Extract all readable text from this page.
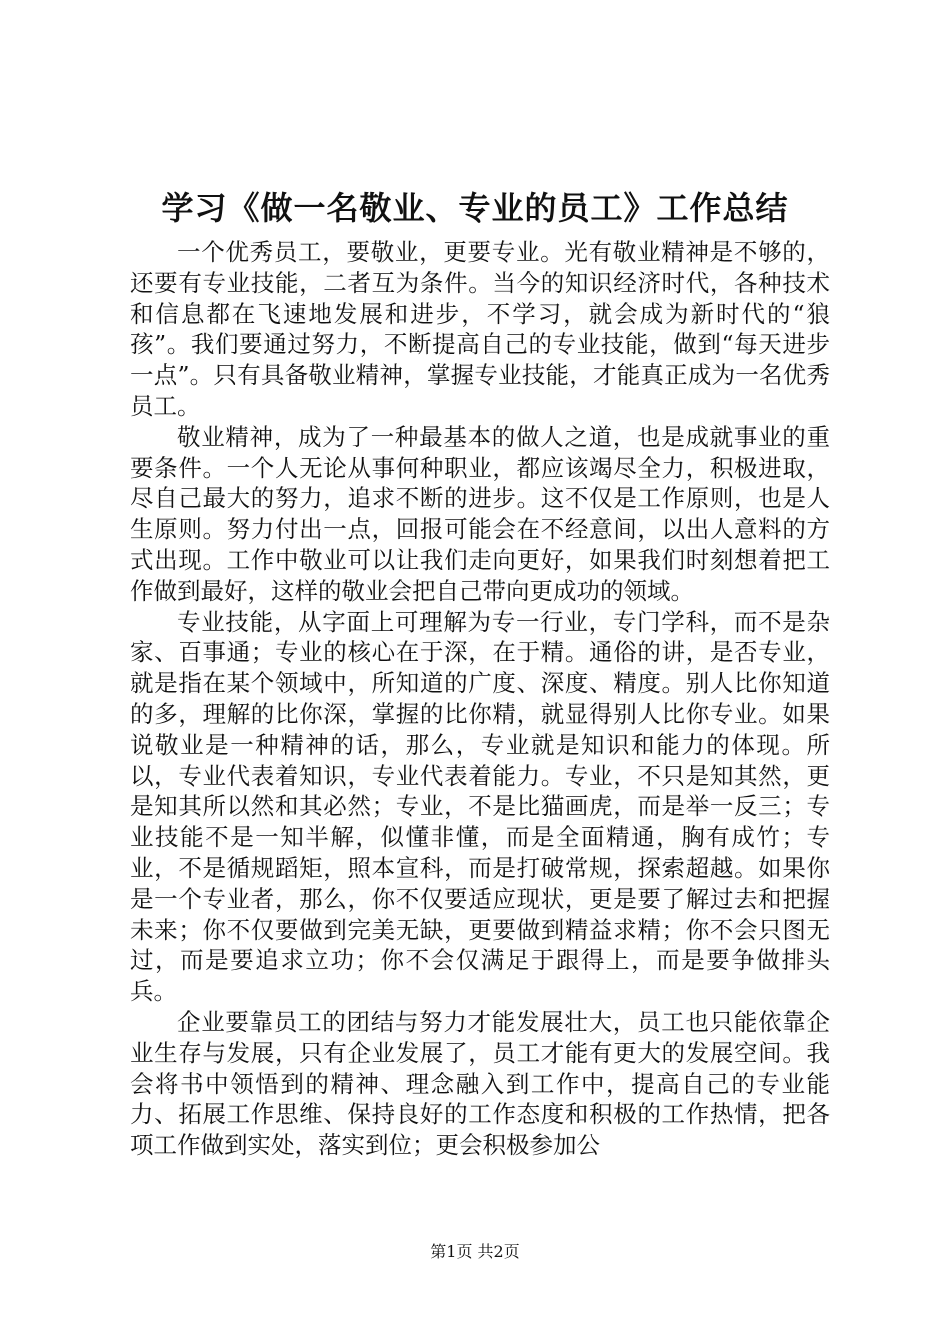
学习《做一名敬业、专业的员工》工作总结

一个优秀员工，要敬业，更要专业。光有敬业精神是不够的，还要有专业技能，二者互为条件。当今的知识经济时代，各种技术和信息都在飞速地发展和进步，不学习，就会成为新时代的“狼孩”。我们要通过努力，不断提高自己的专业技能，做到“每天进步一点”。只有具备敬业精神，掌握专业技能，才能真正成为一名优秀员工。

敬业精神，成为了一种最基本的做人之道，也是成就事业的重要条件。一个人无论从事何种职业，都应该竭尽全力，积极进取，尽自己最大的努力，追求不断的进步。这不仅是工作原则，也是人生原则。努力付出一点，回报可能会在不经意间，以出人意料的方式出现。工作中敬业可以让我们走向更好，如果我们时刻想着把工作做到最好，这样的敬业会把自己带向更成功的领域。

专业技能，从字面上可理解为专一行业，专门学科，而不是杂家、百事通；专业的核心在于深，在于精。通俗的讲，是否专业，就是指在某个领域中，所知道的广度、深度、精度。别人比你知道的多，理解的比你深，掌握的比你精，就显得别人比你专业。如果说敬业是一种精神的话，那么，专业就是知识和能力的体现。所以，专业代表着知识，专业代表着能力。专业，不只是知其然，更是知其所以然和其必然；专业，不是比猫画虎，而是举一反三；专业技能不是一知半解，似懂非懂，而是全面精通，胸有成竹；专业，不是循规蹈矩，照本宣科，而是打破常规，探索超越。如果你是一个专业者，那么，你不仅要适应现状，更是要了解过去和把握未来；你不仅要做到完美无缺，更要做到精益求精；你不会只图无过，而是要追求立功；你不会仅满足于跟得上，而是要争做排头兵。

企业要靠员工的团结与努力才能发展壮大，员工也只能依靠企业生存与发展，只有企业发展了，员工才能有更大的发展空间。我会将书中领悟到的精神、理念融入到工作中，提高自己的专业能力、拓展工作思维、保持良好的工作态度和积极的工作热情，把各项工作做到实处，落实到位；更会积极参加公

第1页 共2页
